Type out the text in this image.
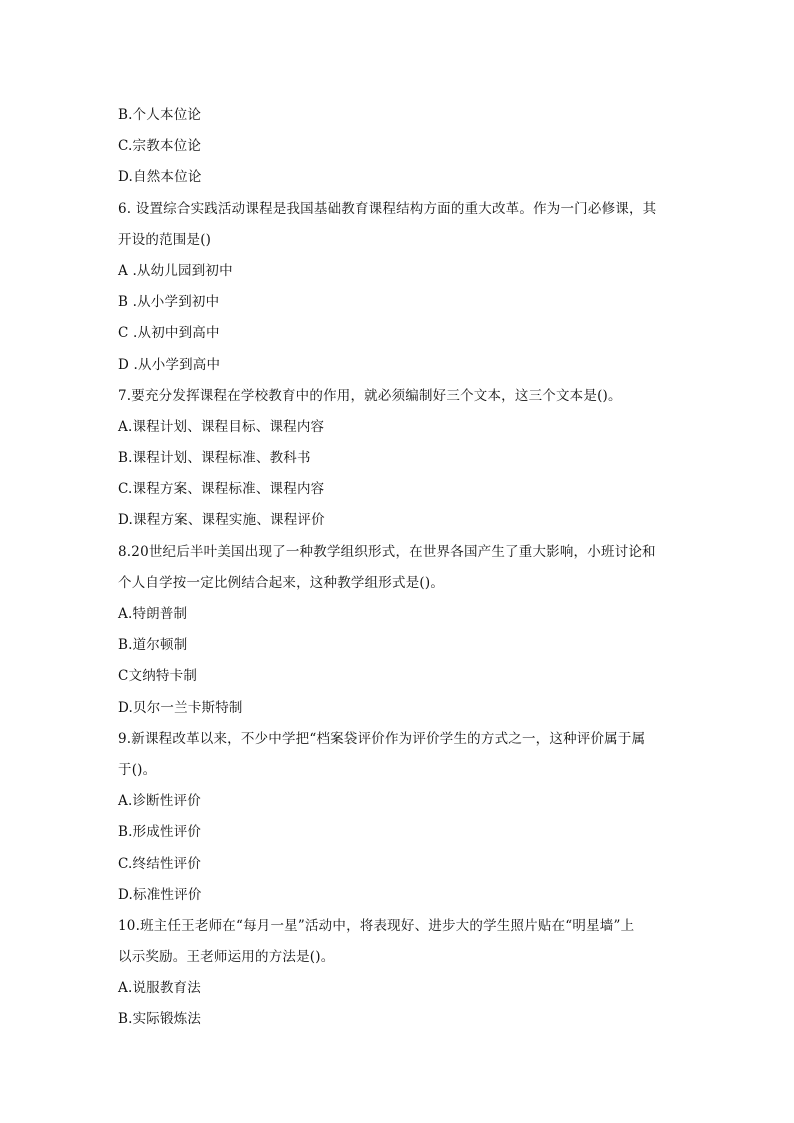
B.个人本位论
C.宗教本位论
D.自然本位论
6. 设置综合实践活动课程是我国基础教育课程结构方面的重大改革。作为一门必修课，其
开设的范围是()
A .从幼儿园到初中
B .从小学到初中
C .从初中到高中
D .从小学到高中
7.要充分发挥课程在学校教育中的作用，就必须编制好三个文本，这三个文本是()。
A.课程计划、课程目标、课程内容
B.课程计划、课程标准、教科书
C.课程方案、课程标准、课程内容
D.课程方案、课程实施、课程评价
8.20世纪后半叶美国出现了一种教学组织形式，在世界各国产生了重大影响，小班讨论和
个人自学按一定比例结合起来，这种教学组形式是()。
A.特朗普制
B.道尔顿制
C文纳特卡制
D.贝尔一兰卡斯特制
9.新课程改革以来，不少中学把“档案袋评价作为评价学生的方式之一，这种评价属于属
于()。
A.诊断性评价
B.形成性评价
C.终结性评价
D.标准性评价
10.班主任王老师在“每月一星”活动中，将表现好、进步大的学生照片贴在“明星墙”上
以示奖励。王老师运用的方法是()。
A.说服教育法
B.实际锻炼法
